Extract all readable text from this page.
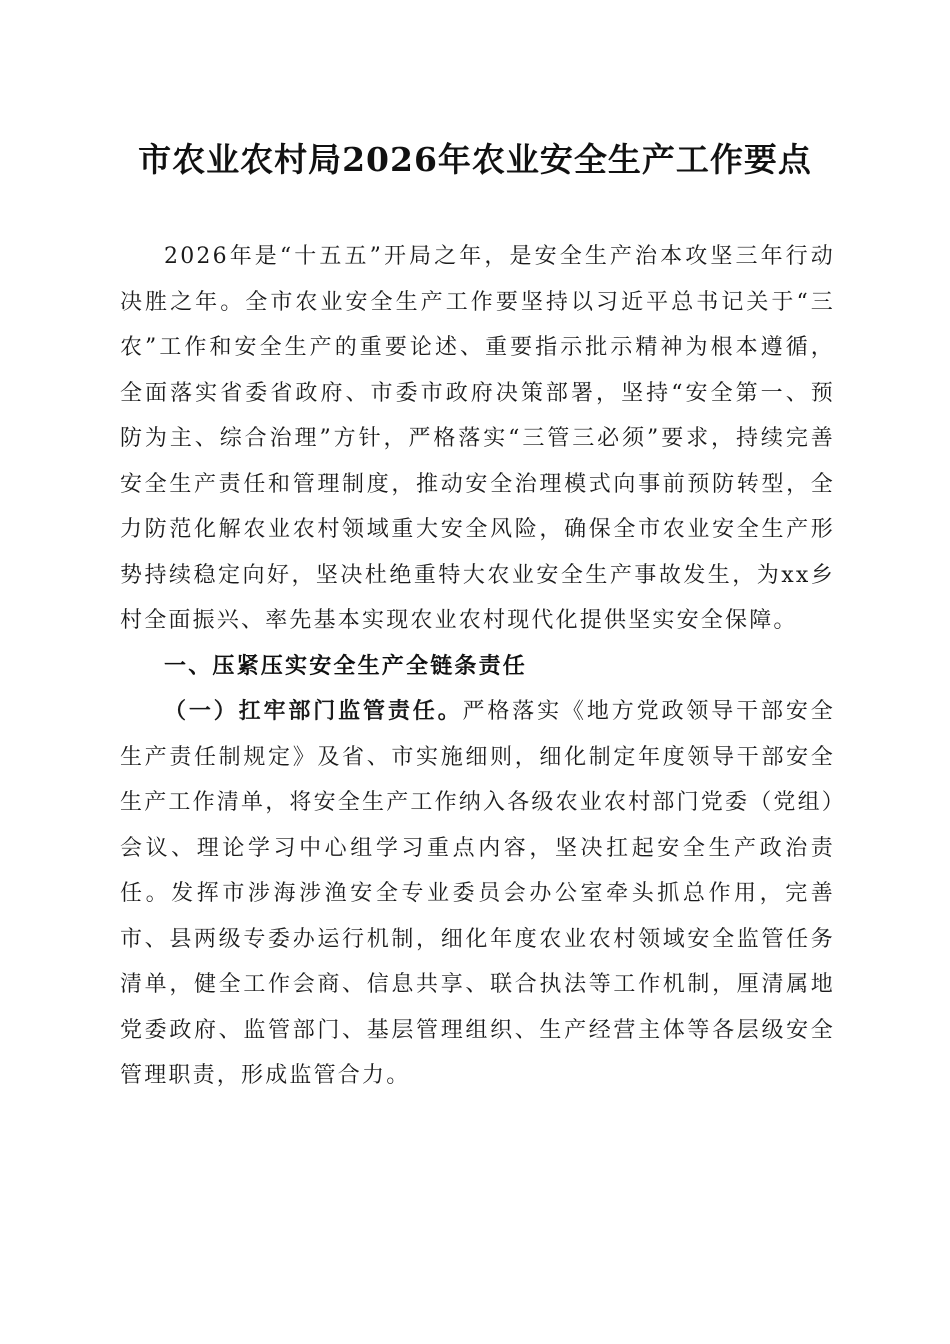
市农业农村局2026年农业安全生产工作要点

2026年是“十五五”开局之年，是安全生产治本攻坚三年行动决胜之年。全市农业安全生产工作要坚持以习近平总书记关于“三农”工作和安全生产的重要论述、重要指示批示精神为根本遵循，全面落实省委省政府、市委市政府决策部署，坚持“安全第一、预防为主、综合治理”方针，严格落实“三管三必须”要求，持续完善安全生产责任和管理制度，推动安全治理模式向事前预防转型，全力防范化解农业农村领域重大安全风险，确保全市农业安全生产形势持续稳定向好，坚决杜绝重特大农业安全生产事故发生，为xx乡村全面振兴、率先基本实现农业农村现代化提供坚实安全保障。

一、压紧压实安全生产全链条责任

（一）扛牢部门监管责任。严格落实《地方党政领导干部安全生产责任制规定》及省、市实施细则，细化制定年度领导干部安全生产工作清单，将安全生产工作纳入各级农业农村部门党委（党组）会议、理论学习中心组学习重点内容，坚决扛起安全生产政治责任。发挥市涉海涉渔安全专业委员会办公室牵头抓总作用，完善市、县两级专委办运行机制，细化年度农业农村领域安全监管任务清单，健全工作会商、信息共享、联合执法等工作机制，厘清属地党委政府、监管部门、基层管理组织、生产经营主体等各层级安全管理职责，形成监管合力。
